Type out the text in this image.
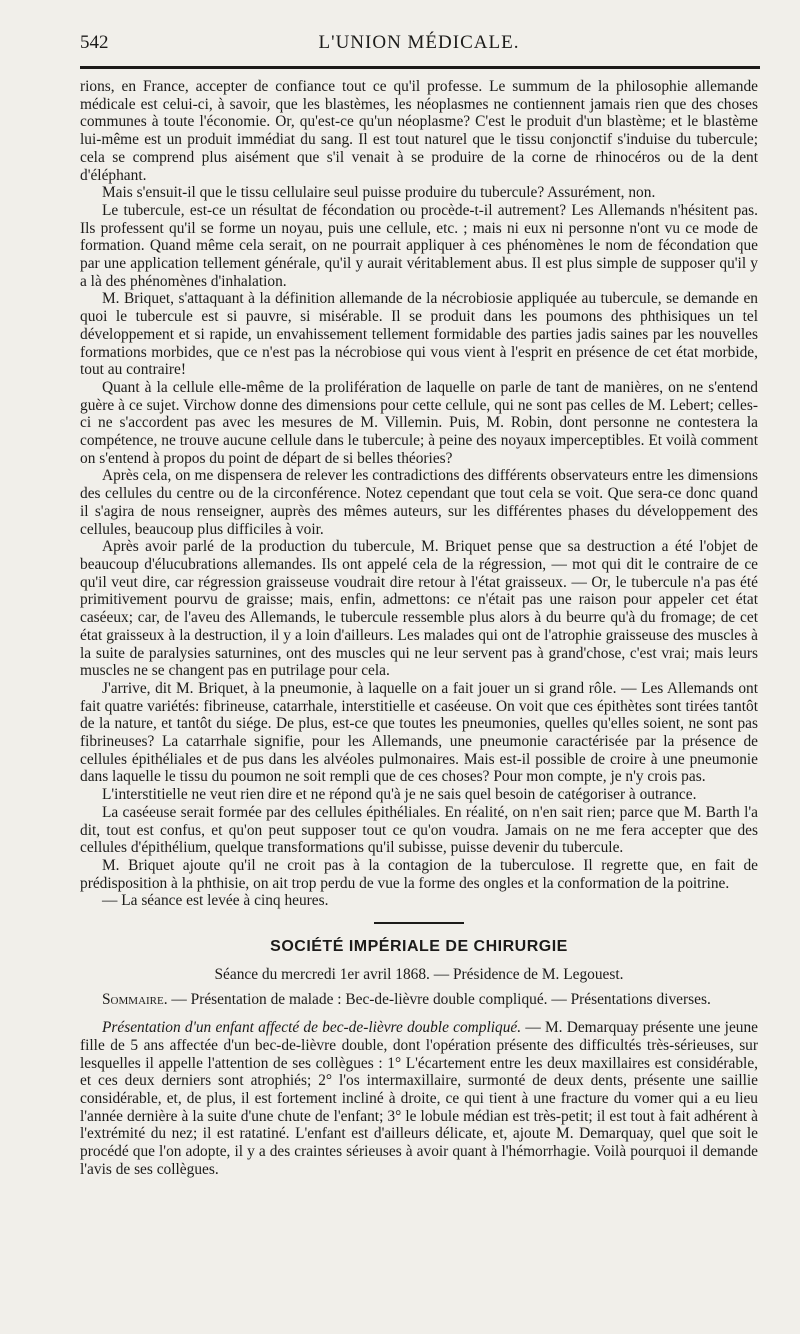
542	L'UNION MÉDICALE.

rions, en France, accepter de confiance tout ce qu'il professe. Le summum de la philosophie allemande médicale est celui-ci, à savoir, que les blastèmes, les néoplasmes ne contiennent jamais rien que des choses communes à toute l'économie. Or, qu'est-ce qu'un néoplasme? C'est le produit d'un blastème; et le blastème lui-même est un produit immédiat du sang. Il est tout naturel que le tissu conjonctif s'induise du tubercule; cela se comprend plus aisément que s'il venait à se produire de la corne de rhinocéros ou de la dent d'éléphant.

Mais s'ensuit-il que le tissu cellulaire seul puisse produire du tubercule? Assurément, non.

Le tubercule, est-ce un résultat de fécondation ou procède-t-il autrement? Les Allemands n'hésitent pas. Ils professent qu'il se forme un noyau, puis une cellule, etc. ; mais ni eux ni personne n'ont vu ce mode de formation. Quand même cela serait, on ne pourrait appliquer à ces phénomènes le nom de fécondation que par une application tellement générale, qu'il y aurait véritablement abus. Il est plus simple de supposer qu'il y a là des phénomènes d'inhalation.

M. Briquet, s'attaquant à la définition allemande de la nécrobiosie appliquée au tubercule, se demande en quoi le tubercule est si pauvre, si misérable. Il se produit dans les poumons des phthisiques un tel développement et si rapide, un envahissement tellement formidable des parties jadis saines par les nouvelles formations morbides, que ce n'est pas la nécrobiose qui vous vient à l'esprit en présence de cet état morbide, tout au contraire!

Quant à la cellule elle-même de la prolifération de laquelle on parle de tant de manières, on ne s'entend guère à ce sujet. Virchow donne des dimensions pour cette cellule, qui ne sont pas celles de M. Lebert; celles-ci ne s'accordent pas avec les mesures de M. Villemin. Puis, M. Robin, dont personne ne contestera la compétence, ne trouve aucune cellule dans le tubercule; à peine des noyaux imperceptibles. Et voilà comment on s'entend à propos du point de départ de si belles théories?

Après cela, on me dispensera de relever les contradictions des différents observateurs entre les dimensions des cellules du centre ou de la circonférence. Notez cependant que tout cela se voit. Que sera-ce donc quand il s'agira de nous renseigner, auprès des mêmes auteurs, sur les différentes phases du développement des cellules, beaucoup plus difficiles à voir.

Après avoir parlé de la production du tubercule, M. Briquet pense que sa destruction a été l'objet de beaucoup d'élucubrations allemandes. Ils ont appelé cela de la régression, — mot qui dit le contraire de ce qu'il veut dire, car régression graisseuse voudrait dire retour à l'état graisseux. — Or, le tubercule n'a pas été primitivement pourvu de graisse; mais, enfin, admettons: ce n'était pas une raison pour appeler cet état caséeux; car, de l'aveu des Allemands, le tubercule ressemble plus alors à du beurre qu'à du fromage; de cet état graisseux à la destruction, il y a loin d'ailleurs. Les malades qui ont de l'atrophie graisseuse des muscles à la suite de paralysies saturnines, ont des muscles qui ne leur servent pas à grand'chose, c'est vrai; mais leurs muscles ne se changent pas en putrilage pour cela.

J'arrive, dit M. Briquet, à la pneumonie, à laquelle on a fait jouer un si grand rôle. — Les Allemands ont fait quatre variétés: fibrineuse, catarrhale, interstitielle et caséeuse. On voit que ces épithètes sont tirées tantôt de la nature, et tantôt du siége. De plus, est-ce que toutes les pneumonies, quelles qu'elles soient, ne sont pas fibrineuses? La catarrhale signifie, pour les Allemands, une pneumonie caractérisée par la présence de cellules épithéliales et de pus dans les alvéoles pulmonaires. Mais est-il possible de croire à une pneumonie dans laquelle le tissu du poumon ne soit rempli que de ces choses? Pour mon compte, je n'y crois pas.

L'interstitielle ne veut rien dire et ne répond qu'à je ne sais quel besoin de catégoriser à outrance.

La caséeuse serait formée par des cellules épithéliales. En réalité, on n'en sait rien; parce que M. Barth l'a dit, tout est confus, et qu'on peut supposer tout ce qu'on voudra. Jamais on ne me fera accepter que des cellules d'épithélium, quelque transformations qu'il subisse, puisse devenir du tubercule.

M. Briquet ajoute qu'il ne croit pas à la contagion de la tuberculose. Il regrette que, en fait de prédisposition à la phthisie, on ait trop perdu de vue la forme des ongles et la conformation de la poitrine.

— La séance est levée à cinq heures.

SOCIÉTÉ IMPÉRIALE DE CHIRURGIE
Séance du mercredi 1er avril 1868. — Présidence de M. Legouest.

Sommaire. — Présentation de malade : Bec-de-lièvre double compliqué. — Présentations diverses.

Présentation d'un enfant affecté de bec-de-lièvre double compliqué. — M. Demarquay présente une jeune fille de 5 ans affectée d'un bec-de-lièvre double, dont l'opération présente des difficultés très-sérieuses, sur lesquelles il appelle l'attention de ses collègues : 1° L'écartement entre les deux maxillaires est considérable, et ces deux derniers sont atrophiés; 2° l'os intermaxillaire, surmonté de deux dents, présente une saillie considérable, et, de plus, il est fortement incliné à droite, ce qui tient à une fracture du vomer qui a eu lieu l'année dernière à la suite d'une chute de l'enfant; 3° le lobule médian est très-petit; il est tout à fait adhérent à l'extrémité du nez; il est ratatiné. L'enfant est d'ailleurs délicate, et, ajoute M. Demarquay, quel que soit le procédé que l'on adopte, il y a des craintes sérieuses à avoir quant à l'hémorrhagie. Voilà pourquoi il demande l'avis de ses collègues.
